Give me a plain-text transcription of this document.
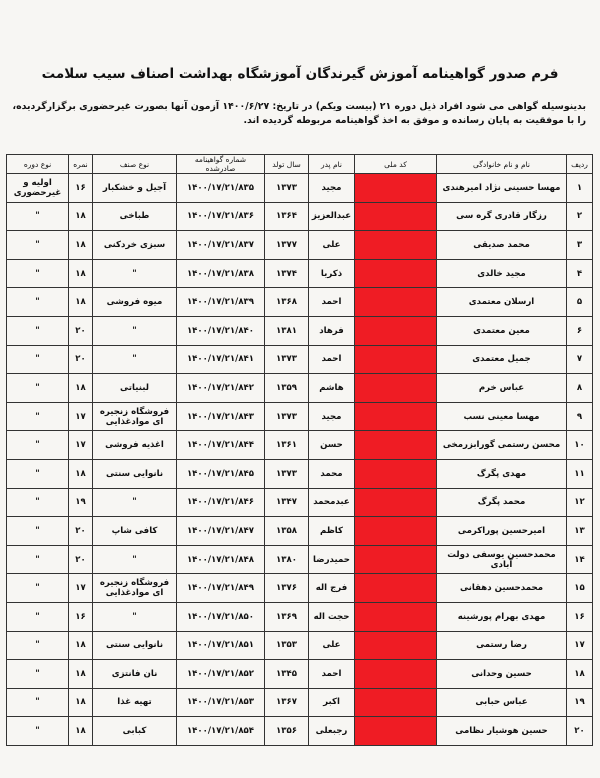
فرم صدور گواهینامه آموزش گیرندگان آموزشگاه بهداشت اصناف سیب سلامت
بدینوسیله گواهی می شود افراد ذیل دوره ۲۱ (بیست ویکم) در تاریخ: ۱۴۰۰/۶/۲۷ آزمون آنها بصورت غیرحضوری برگزارگردیده، را با موفقیت به پایان رسانده و موفق به اخذ گواهینامه مربوطه گردیده اند.
ردیف	نام و نام خانوادگی	کد ملی	نام پدر	سال تولد	شماره گواهینامه صادرشده	نوع صنف	نمره	نوع دوره
۱	مهسا حسینی نژاد امیرهندی		مجید	۱۳۷۳	۱۴۰۰/۱۷/۲۱/۸۳۵	آجیل و خشکبار	۱۶	اولیه و غیرحضوری
۲	رزگار قادری گره سی		عبدالعزیز	۱۳۶۴	۱۴۰۰/۱۷/۲۱/۸۳۶	طباخی	۱۸	"
۳	محمد صدیقی		علی	۱۳۷۷	۱۴۰۰/۱۷/۲۱/۸۳۷	سبزی خردکنی	۱۸	"
۴	مجید خالدی		ذکریا	۱۳۷۴	۱۴۰۰/۱۷/۲۱/۸۳۸	"	۱۸	"
۵	ارسلان معتمدی		احمد	۱۳۶۸	۱۴۰۰/۱۷/۲۱/۸۳۹	میوه فروشی	۱۸	"
۶	معین معتمدی		فرهاد	۱۳۸۱	۱۴۰۰/۱۷/۲۱/۸۴۰	"	۲۰	"
۷	جمیل معتمدی		احمد	۱۳۷۳	۱۴۰۰/۱۷/۲۱/۸۴۱	"	۲۰	"
۸	عباس خرم		هاشم	۱۳۵۹	۱۴۰۰/۱۷/۲۱/۸۴۲	لبنیاتی	۱۸	"
۹	مهسا معینی نسب		مجید	۱۳۷۳	۱۴۰۰/۱۷/۲۱/۸۴۳	فروشگاه زنجیره ای موادغذایی	۱۷	"
۱۰	محسن رستمی گورابزرمخی		حسن	۱۳۶۱	۱۴۰۰/۱۷/۲۱/۸۴۴	اغذیه فروشی	۱۷	"
۱۱	مهدی پگرگ		محمد	۱۳۷۳	۱۴۰۰/۱۷/۲۱/۸۴۵	نانوایی سنتی	۱۸	"
۱۲	محمد پگرگ		عبدمحمد	۱۳۴۷	۱۴۰۰/۱۷/۲۱/۸۴۶	"	۱۹	"
۱۳	امیرحسین پوراکرمی		کاظم	۱۳۵۸	۱۴۰۰/۱۷/۲۱/۸۴۷	کافی شاپ	۲۰	"
۱۴	محمدحسین یوسفی دولت آبادی		حمیدرضا	۱۳۸۰	۱۴۰۰/۱۷/۲۱/۸۴۸	"	۲۰	"
۱۵	محمدحسین دهقانی		فرج اله	۱۳۷۶	۱۴۰۰/۱۷/۲۱/۸۴۹	فروشگاه زنجیره ای موادغذایی	۱۷	"
۱۶	مهدی بهرام پورشینه		حجت اله	۱۳۶۹	۱۴۰۰/۱۷/۲۱/۸۵۰	"	۱۶	"
۱۷	رضا رستمی		علی	۱۳۵۳	۱۴۰۰/۱۷/۲۱/۸۵۱	نانوایی سنتی	۱۸	"
۱۸	حسین وحدانی		احمد	۱۳۴۵	۱۴۰۰/۱۷/۲۱/۸۵۲	نان فانتزی	۱۸	"
۱۹	عباس حبابی		اکبر	۱۳۶۷	۱۴۰۰/۱۷/۲۱/۸۵۳	تهیه غذا	۱۸	"
۲۰	حسین هوشیار نظامی		رجبعلی	۱۳۵۶	۱۴۰۰/۱۷/۲۱/۸۵۴	کبابی	۱۸	"
